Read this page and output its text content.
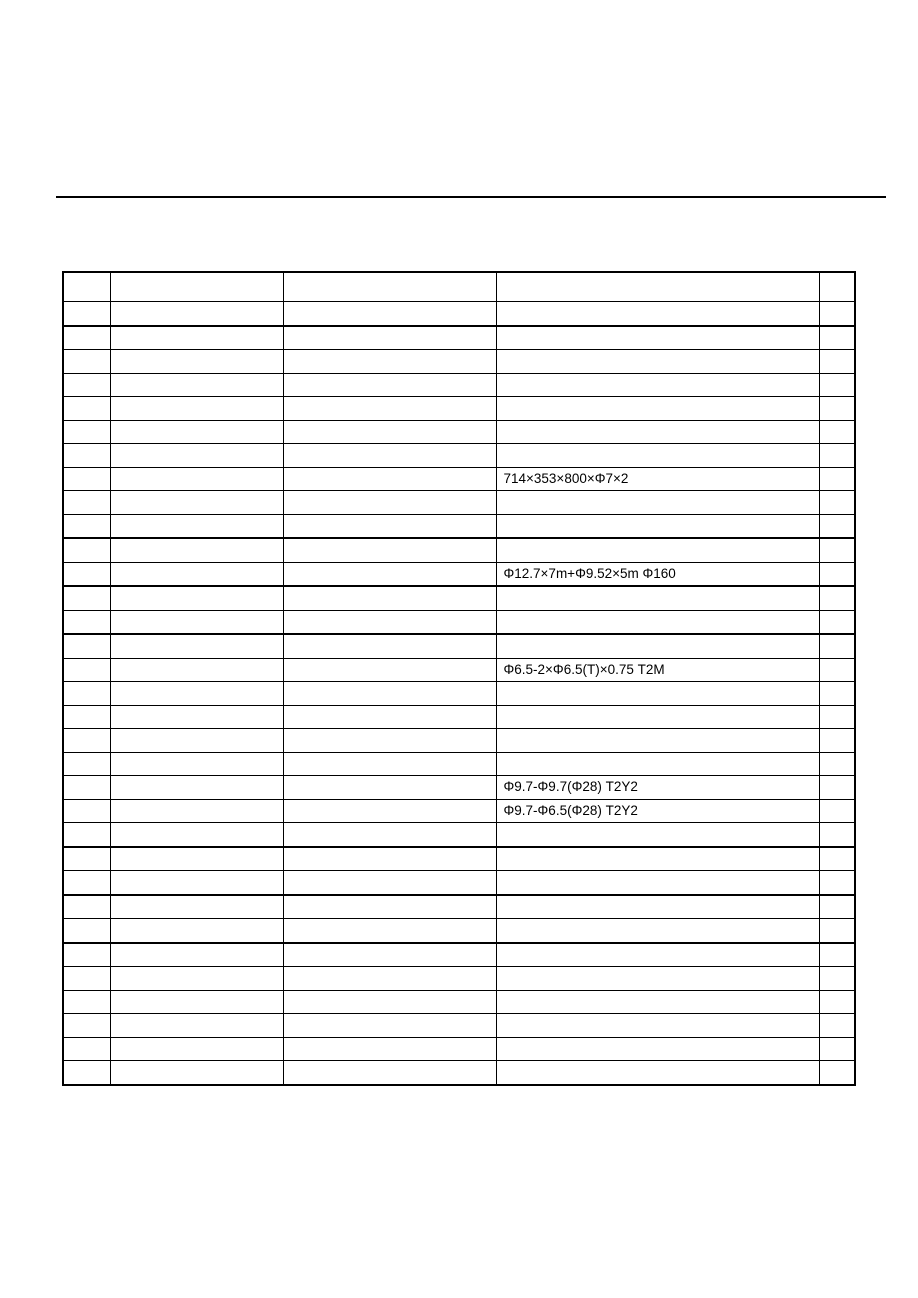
			714×353×800×Φ7×2	

			Φ12.7×7m+Φ9.52×5m Φ160	

			Φ6.5-2×Φ6.5(T)×0.75 T2M	

			Φ9.7-Φ9.7(Φ28) T2Y2	
			Φ9.7-Φ6.5(Φ28) T2Y2	
